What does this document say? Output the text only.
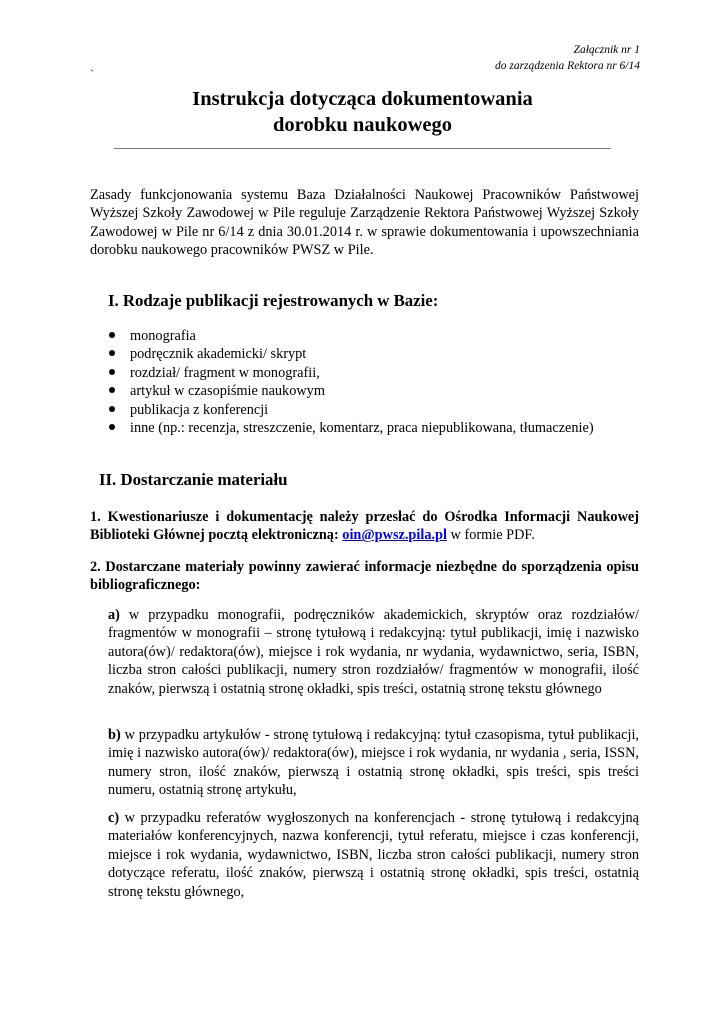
Załącznik nr 1
do zarządzenia Rektora nr 6/14
`
Instrukcja dotycząca dokumentowania
dorobku naukowego
Zasady funkcjonowania systemu Baza Działalności Naukowej Pracowników Państwowej Wyższej Szkoły Zawodowej w Pile reguluje Zarządzenie Rektora Państwowej Wyższej Szkoły Zawodowej w Pile nr 6/14 z dnia 30.01.2014 r. w sprawie dokumentowania i upowszechniania dorobku naukowego pracowników PWSZ w Pile.
I. Rodzaje publikacji rejestrowanych w Bazie:
monografia
podręcznik akademicki/ skrypt
rozdział/ fragment w monografii,
artykuł w czasopiśmie naukowym
publikacja z konferencji
inne (np.: recenzja, streszczenie, komentarz, praca niepublikowana, tłumaczenie)
II. Dostarczanie materiału
1. Kwestionariusze i dokumentację należy przesłać do Ośrodka Informacji Naukowej Biblioteki Głównej pocztą elektroniczną: oin@pwsz.pila.pl w formie PDF.
2. Dostarczane materiały powinny zawierać informacje niezbędne do sporządzenia opisu bibliograficznego:
a) w przypadku monografii, podręczników akademickich, skryptów oraz rozdziałów/ fragmentów w monografii – stronę tytułową i redakcyjną: tytuł publikacji, imię i nazwisko autora(ów)/ redaktora(ów), miejsce i rok wydania, nr wydania, wydawnictwo, seria, ISBN, liczba stron całości publikacji, numery stron rozdziałów/ fragmentów w monografii, ilość znaków, pierwszą i ostatnią stronę okładki, spis treści, ostatnią stronę tekstu głównego
b) w przypadku artykułów - stronę tytułową i redakcyjną: tytuł czasopisma, tytuł publikacji, imię i nazwisko autora(ów)/ redaktora(ów), miejsce i rok wydania, nr wydania , seria, ISSN, numery stron, ilość znaków, pierwszą i ostatnią stronę okładki, spis treści, spis treści numeru, ostatnią stronę artykułu,
c) w przypadku referatów wygłoszonych na konferencjach - stronę tytułową i redakcyjną materiałów konferencyjnych, nazwa konferencji, tytuł referatu, miejsce i czas konferencji, miejsce i rok wydania, wydawnictwo, ISBN, liczba stron całości publikacji, numery stron dotyczące referatu, ilość znaków, pierwszą i ostatnią stronę okładki, spis treści, ostatnią stronę tekstu głównego,
